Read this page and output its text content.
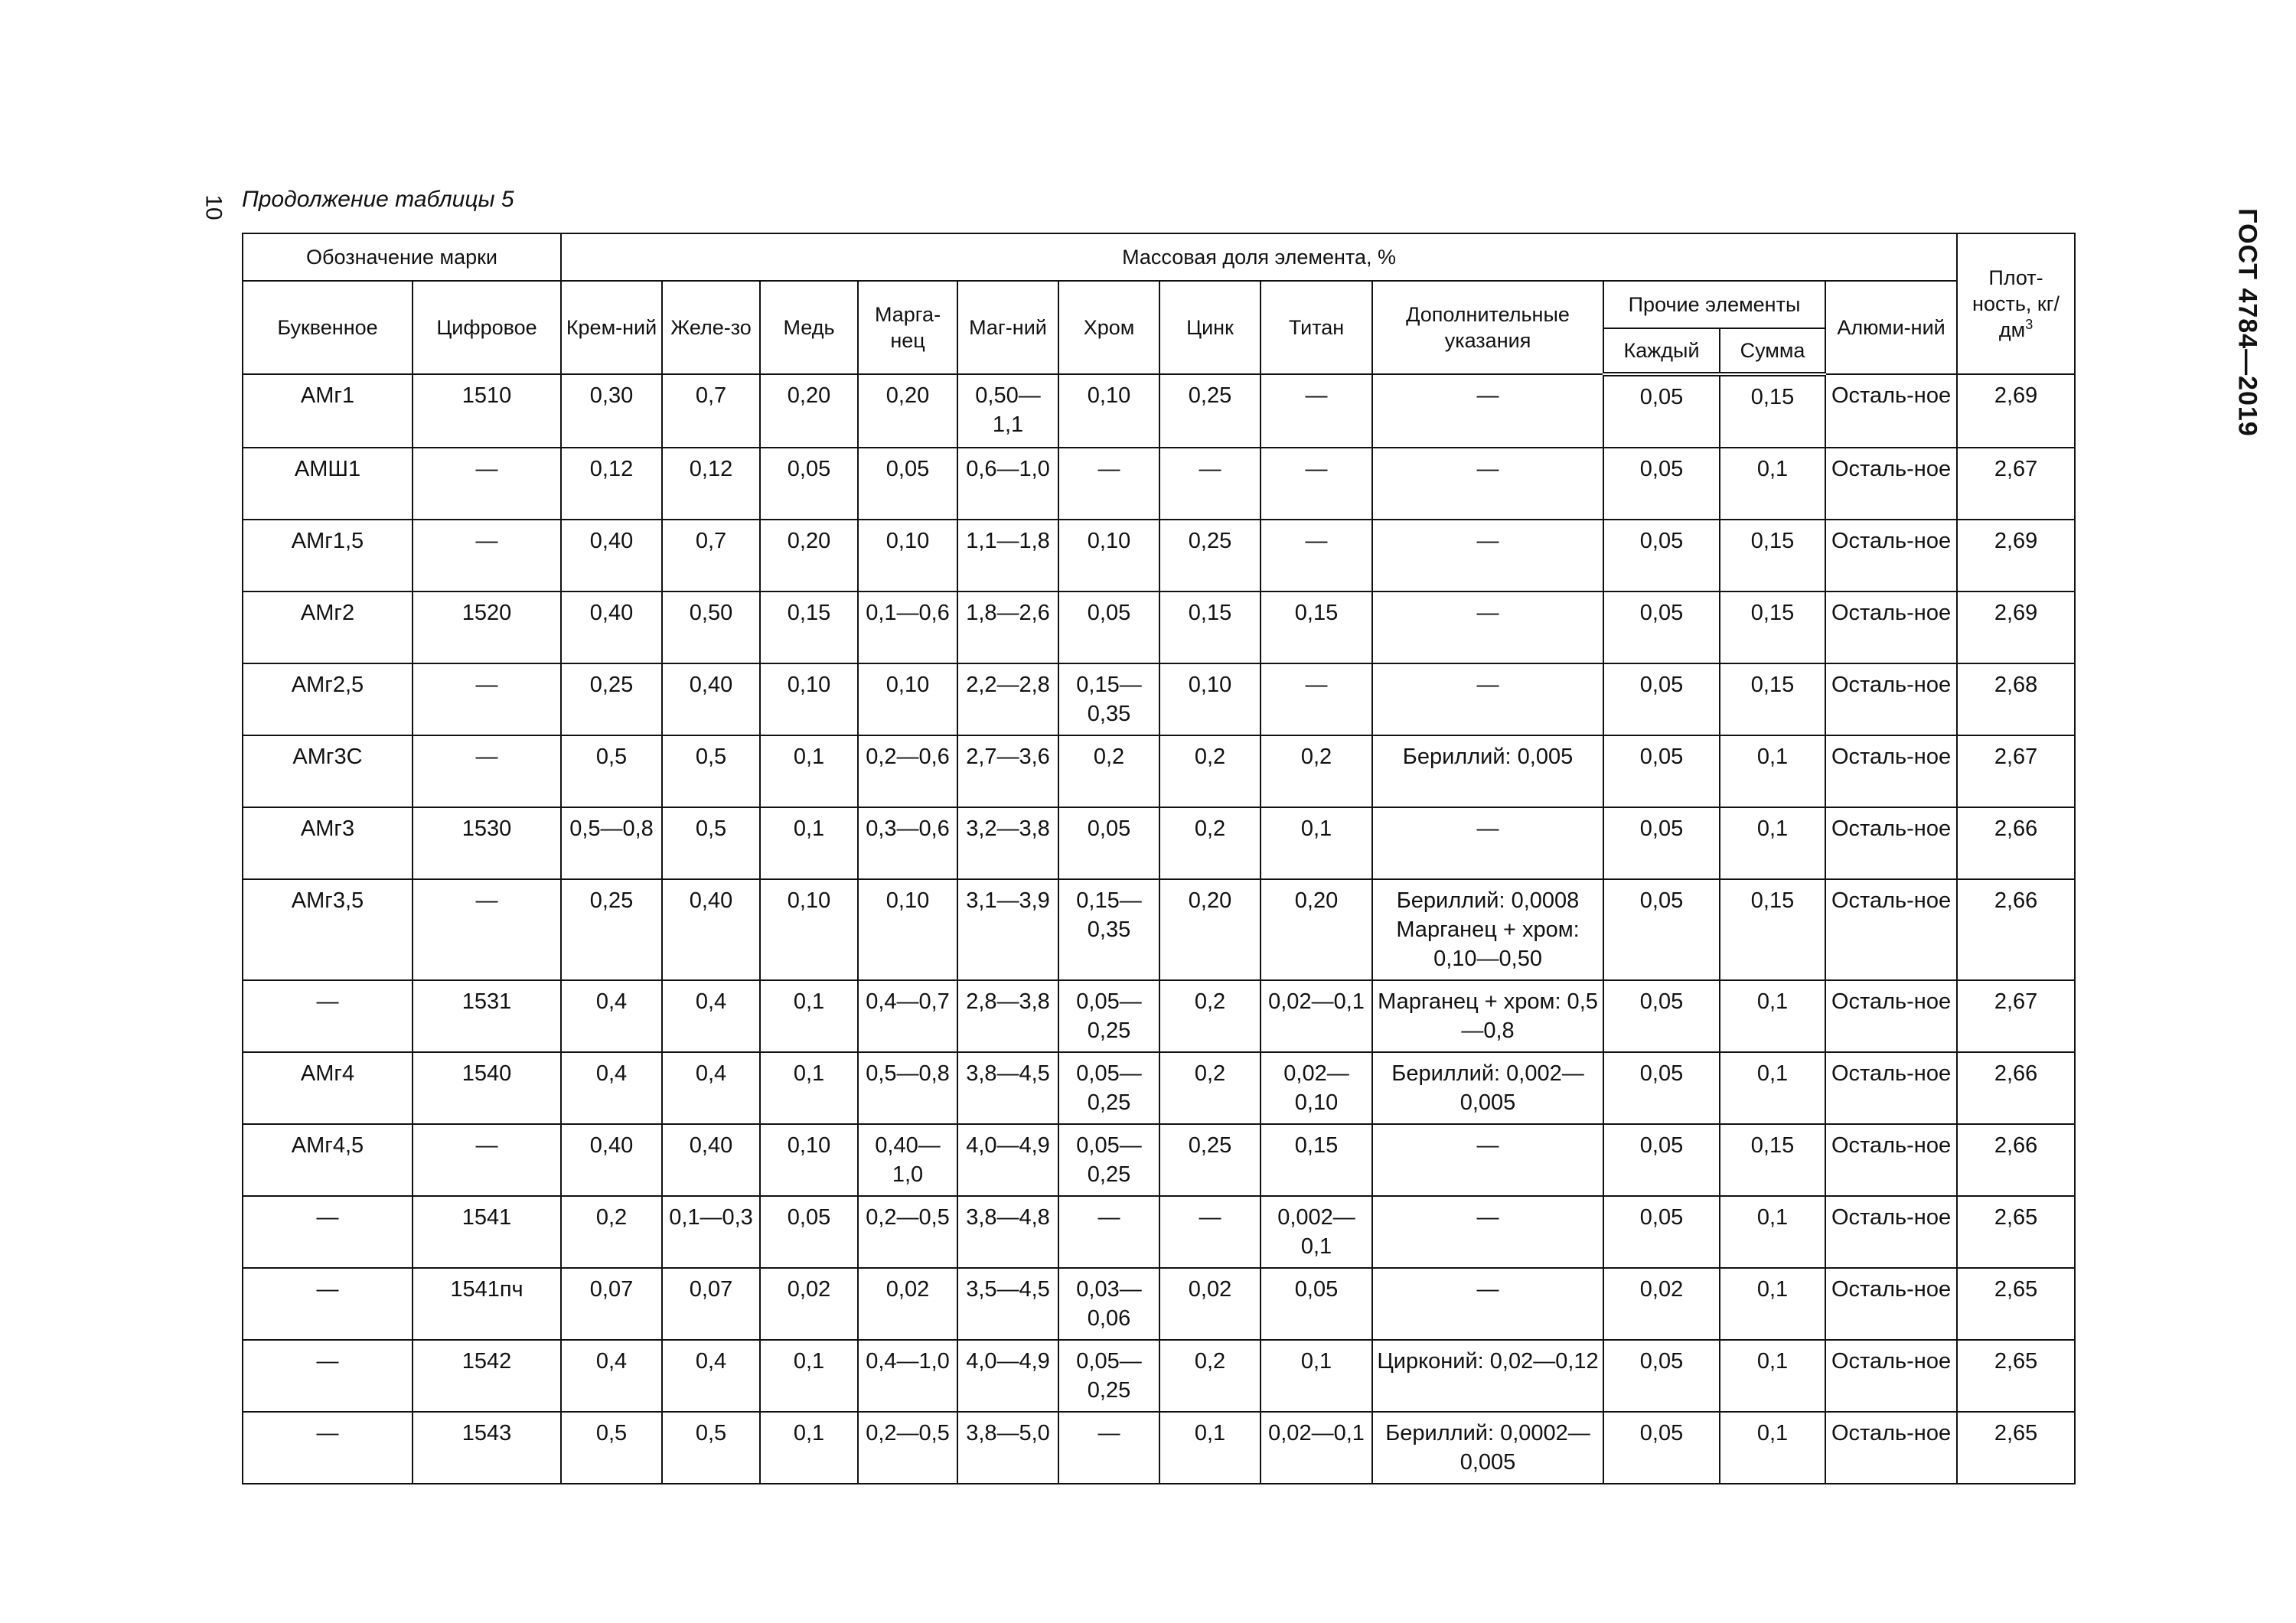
10
ГОСТ 4784—2019
Продолжение таблицы 5
Обозначение марки		Массовая доля элемента, %												Плот-ность, $кг/дм^3$
Буквенное	Цифровое	Крем-ний	Желе-зо	Медь	Марга-нец	Маг-ний	Хром	Цинк	Титан	Дополнительные указания	Прочие элементы		Алюми-ний	
											Каждый	Сумма		
АМг1	1510	0,30	0,7	0,20	0,20	0,50—1,1	0,10	0,25	—	—	0,05	0,15	Осталь-ное	2,69
АМШ1	—	0,12	0,12	0,05	0,05	0,6—1,0	—	—	—	—	0,05	0,1	Осталь-ное	2,67
АМг1,5	—	0,40	0,7	0,20	0,10	1,1—1,8	0,10	0,25	—	—	0,05	0,15	Осталь-ное	2,69
АМг2	1520	0,40	0,50	0,15	0,1—0,6	1,8—2,6	0,05	0,15	0,15	—	0,05	0,15	Осталь-ное	2,69
АМг2,5	—	0,25	0,40	0,10	0,10	2,2—2,8	0,15—0,35	0,10	—	—	0,05	0,15	Осталь-ное	2,68
АМг3С	—	0,5	0,5	0,1	0,2—0,6	2,7—3,6	0,2	0,2	0,2	Бериллий: 0,005	0,05	0,1	Осталь-ное	2,67
АМг3	1530	0,5—0,8	0,5	0,1	0,3—0,6	3,2—3,8	0,05	0,2	0,1	—	0,05	0,1	Осталь-ное	2,66
АМг3,5	—	0,25	0,40	0,10	0,10	3,1—3,9	0,15—0,35	0,20	0,20	Бериллий: 0,0008 Марганец + хром: 0,10—0,50	0,05	0,15	Осталь-ное	2,66
—	1531	0,4	0,4	0,1	0,4—0,7	2,8—3,8	0,05—0,25	0,2	0,02—0,1	Марганец + хром: 0,5—0,8	0,05	0,1	Осталь-ное	2,67
АМг4	1540	0,4	0,4	0,1	0,5—0,8	3,8—4,5	0,05—0,25	0,2	0,02—0,10	Бериллий: 0,002—0,005	0,05	0,1	Осталь-ное	2,66
АМг4,5	—	0,40	0,40	0,10	0,40—1,0	4,0—4,9	0,05—0,25	0,25	0,15	—	0,05	0,15	Осталь-ное	2,66
—	1541	0,2	0,1—0,3	0,05	0,2—0,5	3,8—4,8	—	—	0,002—0,1	—	0,05	0,1	Осталь-ное	2,65
—	1541пч	0,07	0,07	0,02	0,02	3,5—4,5	0,03—0,06	0,02	0,05	—	0,02	0,1	Осталь-ное	2,65
—	1542	0,4	0,4	0,1	0,4—1,0	4,0—4,9	0,05—0,25	0,2	0,1	Цирконий: 0,02—0,12	0,05	0,1	Осталь-ное	2,65
—	1543	0,5	0,5	0,1	0,2—0,5	3,8—5,0	—	0,1	0,02—0,1	Бериллий: 0,0002—0,005	0,05	0,1	Осталь-ное	2,65
